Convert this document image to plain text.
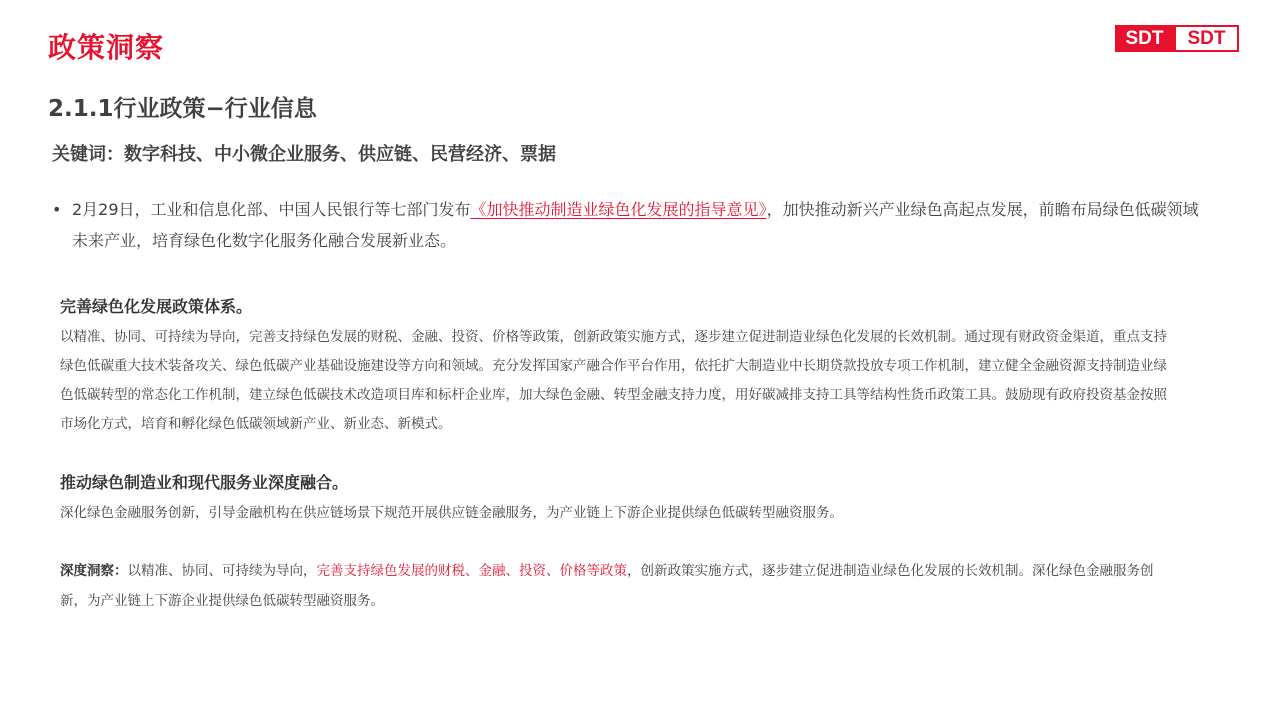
政策洞察	SDT	SDT
2.1.1行业政策−行业信息
关键词：数字科技、中小微企业服务、供应链、民营经济、票据
• 2月29日，工业和信息化部、中国人民银行等七部门发布《加快推动制造业绿色化发展的指导意见》，加快推动新兴产业绿色高起点发展，前瞻布局绿色低碳领域未来产业，培育绿色化数字化服务化融合发展新业态。
完善绿色化发展政策体系。
以精准、协同、可持续为导向，完善支持绿色发展的财税、金融、投资、价格等政策，创新政策实施方式，逐步建立促进制造业绿色化发展的长效机制。通过现有财政资金渠道，重点支持绿色低碳重大技术装备攻关、绿色低碳产业基础设施建设等方向和领域。充分发挥国家产融合作平台作用，依托扩大制造业中长期贷款投放专项工作机制，建立健全金融资源支持制造业绿色低碳转型的常态化工作机制，建立绿色低碳技术改造项目库和标杆企业库，加大绿色金融、转型金融支持力度，用好碳减排支持工具等结构性货币政策工具。鼓励现有政府投资基金按照市场化方式，培育和孵化绿色低碳领域新产业、新业态、新模式。
推动绿色制造业和现代服务业深度融合。
深化绿色金融服务创新，引导金融机构在供应链场景下规范开展供应链金融服务，为产业链上下游企业提供绿色低碳转型融资服务。
深度洞察：以精准、协同、可持续为导向，完善支持绿色发展的财税、金融、投资、价格等政策，创新政策实施方式，逐步建立促进制造业绿色化发展的长效机制。深化绿色金融服务创新，为产业链上下游企业提供绿色低碳转型融资服务。
